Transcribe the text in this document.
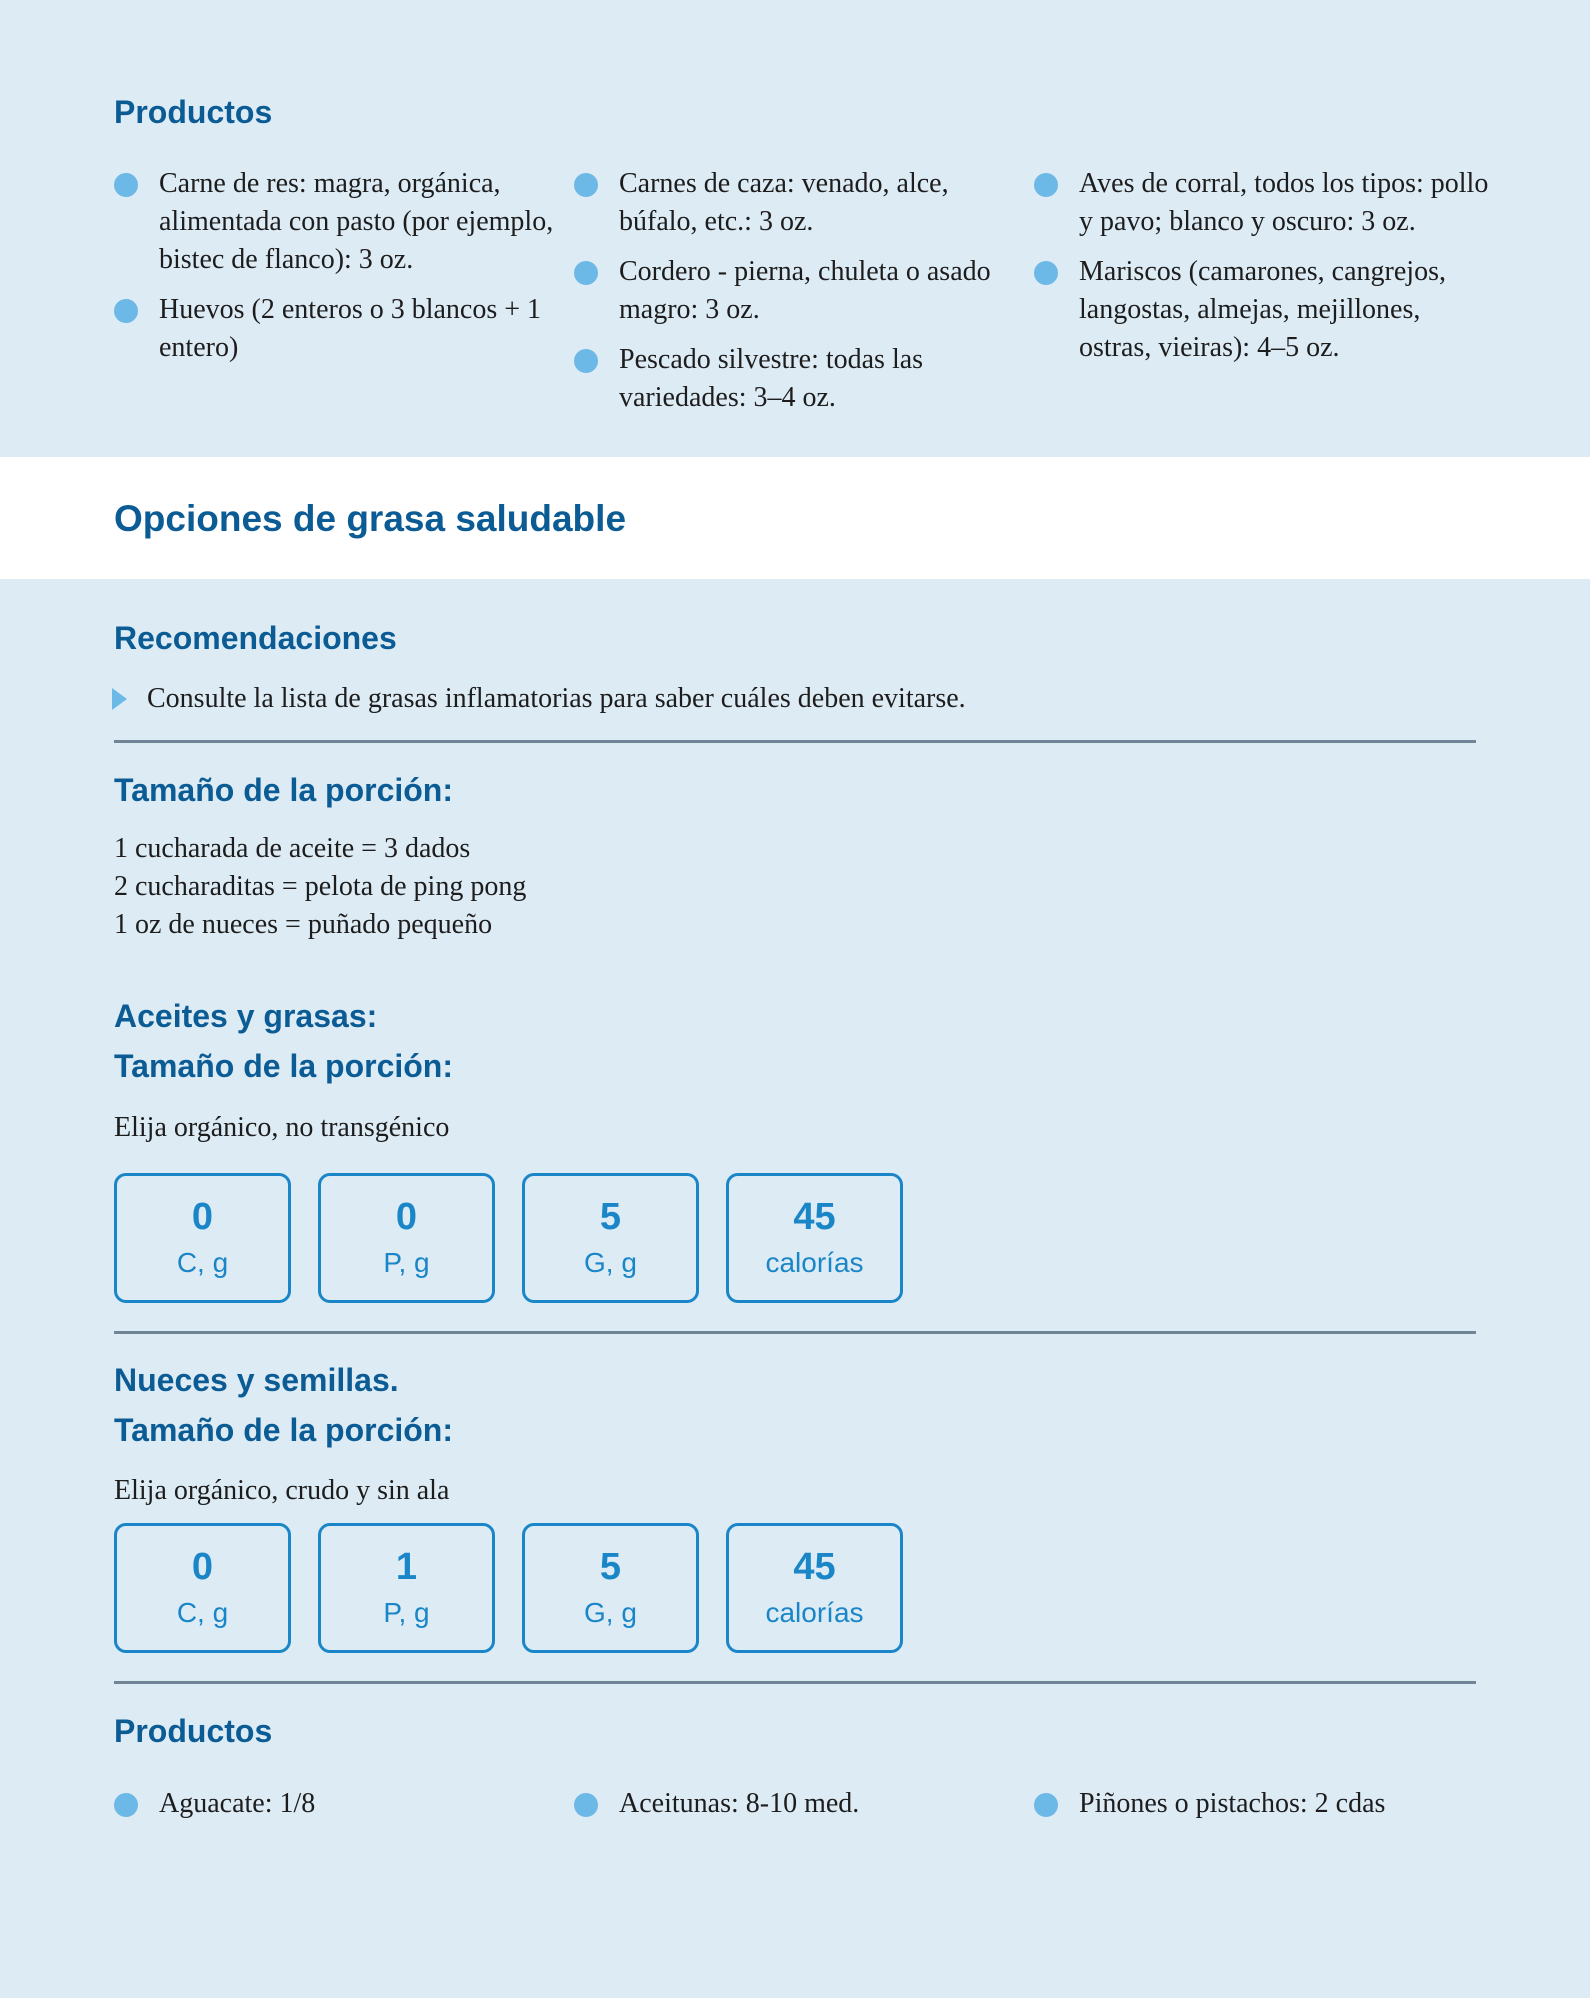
Productos
Carne de res: magra, orgánica, alimentada con pasto (por ejemplo, bistec de flanco): 3 oz.
Huevos (2 enteros o 3 blancos + 1 entero)
Carnes de caza: venado, alce, búfalo, etc.: 3 oz.
Cordero - pierna, chuleta o asado magro: 3 oz.
Pescado silvestre: todas las variedades: 3–4 oz.
Aves de corral, todos los tipos: pollo y pavo; blanco y oscuro: 3 oz.
Mariscos (camarones, cangrejos, langostas, almejas, mejillones, ostras, vieiras): 4–5 oz.
Opciones de grasa saludable
Recomendaciones
Consulte la lista de grasas inflamatorias para saber cuáles deben evitarse.
Tamaño de la porción:
1 cucharada de aceite = 3 dados
2 cucharaditas = pelota de ping pong
1 oz de nueces = puñado pequeño
Aceites y grasas:
Tamaño de la porción:
Elija orgánico, no transgénico
0
C, g
0
P, g
5
G, g
45
calorías
Nueces y semillas.
Tamaño de la porción:
Elija orgánico, crudo y sin ala
0
C, g
1
P, g
5
G, g
45
calorías
Productos
Aguacate: 1/8	Aceitunas: 8-10 med.	Piñones o pistachos: 2 cdas
